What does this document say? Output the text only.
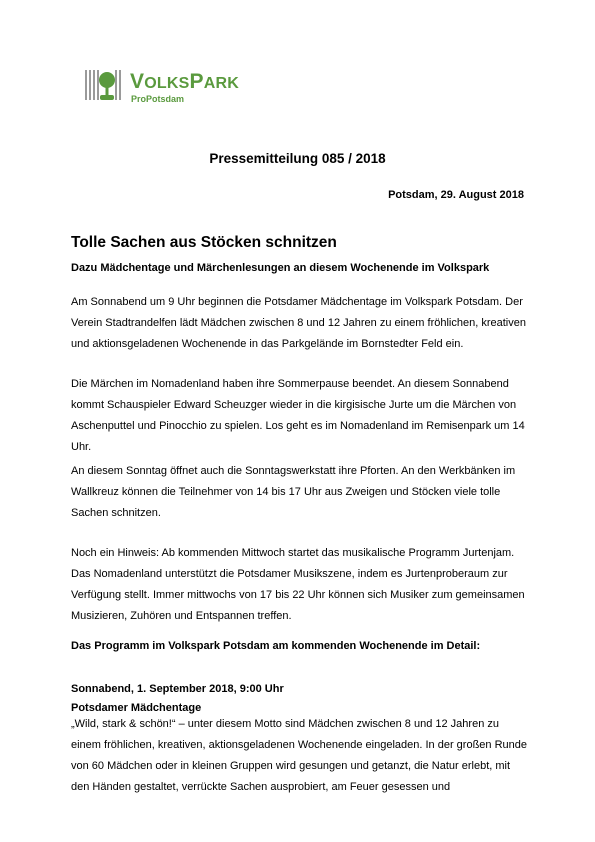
VOLKSPARK
ProPotsdam
Pressemitteilung 085 / 2018
Potsdam, 29. August 2018
Tolle Sachen aus Stöcken schnitzen
Dazu Mädchentage und Märchenlesungen an diesem Wochenende im Volkspark
Am Sonnabend um 9 Uhr beginnen die Potsdamer Mädchentage im Volkspark Potsdam. Der Verein Stadtrandelfen lädt Mädchen zwischen 8 und 12 Jahren zu einem fröhlichen, kreativen und aktionsgeladenen Wochenende in das Parkgelände im Bornstedter Feld ein.
Die Märchen im Nomadenland haben ihre Sommerpause beendet. An diesem Sonnabend kommt Schauspieler Edward Scheuzger wieder in die kirgisische Jurte um die Märchen von Aschenputtel und Pinocchio zu spielen. Los geht es im Nomadenland im Remisenpark um 14 Uhr.
An diesem Sonntag öffnet auch die Sonntagswerkstatt ihre Pforten. An den Werkbänken im Wallkreuz können die Teilnehmer von 14 bis 17 Uhr aus Zweigen und Stöcken viele tolle Sachen schnitzen.
Noch ein Hinweis: Ab kommenden Mittwoch startet das musikalische Programm Jurtenjam. Das Nomadenland unterstützt die Potsdamer Musikszene, indem es Jurtenproberaum zur Verfügung stellt. Immer mittwochs von 17 bis 22 Uhr können sich Musiker zum gemeinsamen Musizieren, Zuhören und Entspannen treffen.
Das Programm im Volkspark Potsdam am kommenden Wochenende im Detail:
Sonnabend, 1. September 2018, 9:00 Uhr
Potsdamer Mädchentage
„Wild, stark & schön!“ – unter diesem Motto sind Mädchen zwischen 8 und 12 Jahren zu einem fröhlichen, kreativen, aktionsgeladenen Wochenende eingeladen. In der großen Runde von 60 Mädchen oder in kleinen Gruppen wird gesungen und getanzt, die Natur erlebt, mit den Händen gestaltet, verrückte Sachen ausprobiert, am Feuer gesessen und
